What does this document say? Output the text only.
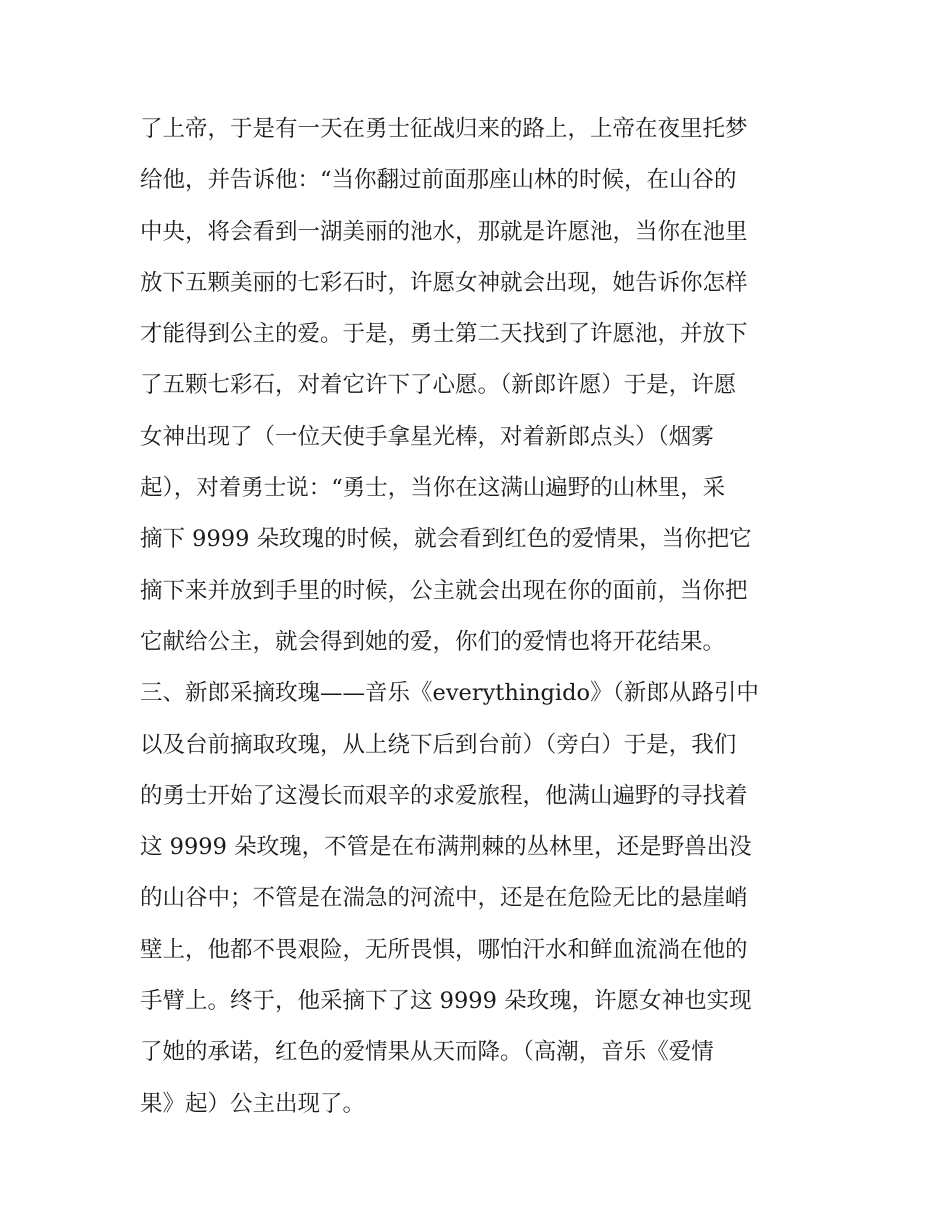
了上帝，于是有一天在勇士征战归来的路上，上帝在夜里托梦
给他，并告诉他：“当你翻过前面那座山林的时候，在山谷的
中央，将会看到一湖美丽的池水，那就是许愿池，当你在池里
放下五颗美丽的七彩石时，许愿女神就会出现，她告诉你怎样
才能得到公主的爱。于是，勇士第二天找到了许愿池，并放下
了五颗七彩石，对着它许下了心愿。（新郎许愿）于是，许愿
女神出现了（一位天使手拿星光棒，对着新郎点头）（烟雾
起），对着勇士说：“勇士，当你在这满山遍野的山林里，采
摘下 9999 朵玫瑰的时候，就会看到红色的爱情果，当你把它
摘下来并放到手里的时候，公主就会出现在你的面前，当你把
它献给公主，就会得到她的爱，你们的爱情也将开花结果。
三、新郎采摘玫瑰——音乐《everythingido》（新郎从路引中
以及台前摘取玫瑰，从上绕下后到台前）（旁白）于是，我们
的勇士开始了这漫长而艰辛的求爱旅程，他满山遍野的寻找着
这 9999 朵玫瑰，不管是在布满荆棘的丛林里，还是野兽出没
的山谷中；不管是在湍急的河流中，还是在危险无比的悬崖峭
壁上，他都不畏艰险，无所畏惧，哪怕汗水和鲜血流淌在他的
手臂上。终于，他采摘下了这 9999 朵玫瑰，许愿女神也实现
了她的承诺，红色的爱情果从天而降。（高潮，音乐《爱情
果》起）公主出现了。
